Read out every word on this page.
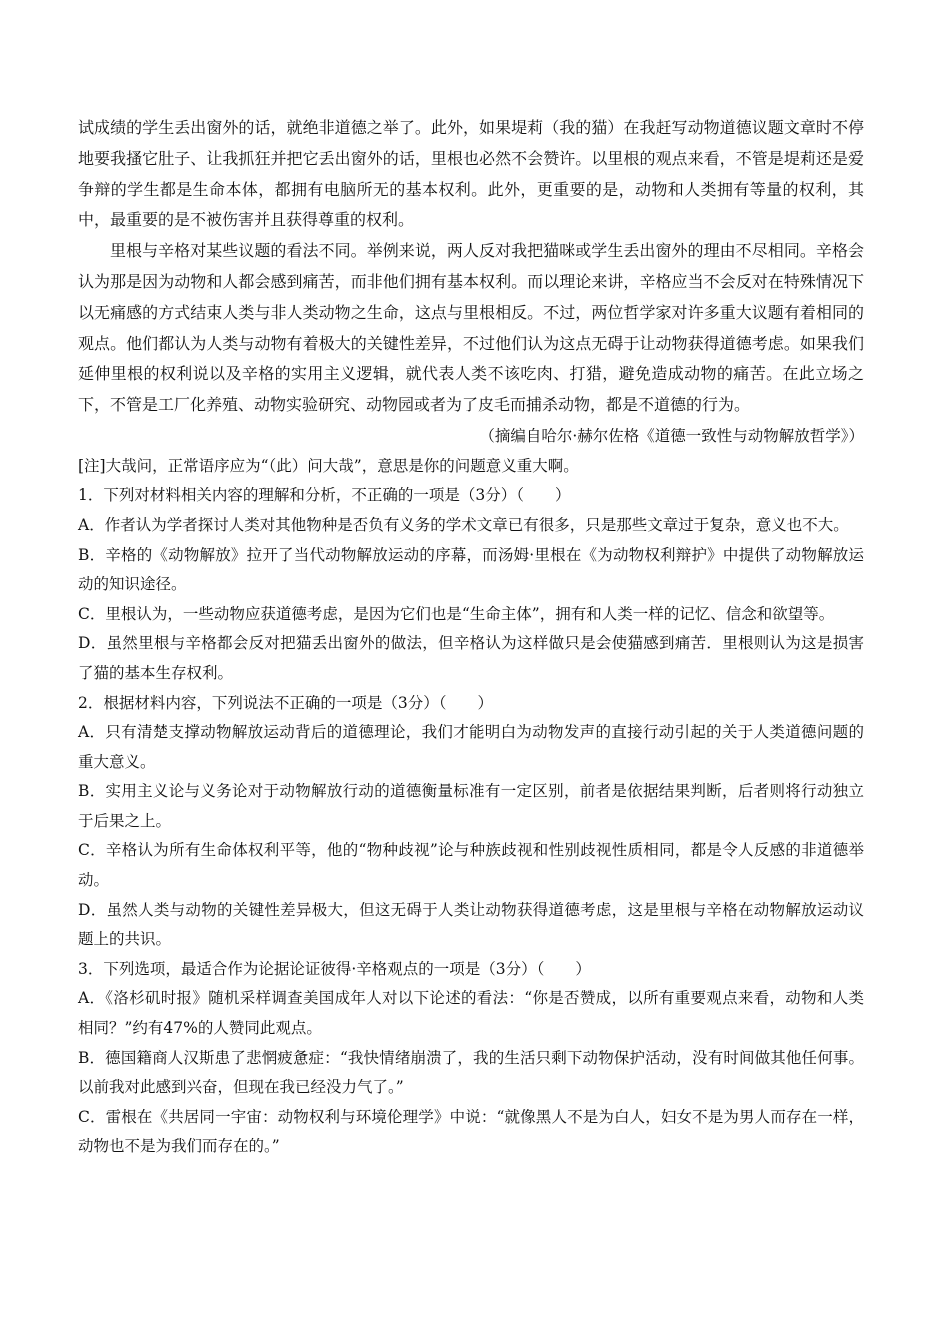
试成绩的学生丢出窗外的话，就绝非道德之举了。此外，如果堤莉（我的猫）在我赶写动物道德议题文章时不停地要我搔它肚子、让我抓狂并把它丢出窗外的话，里根也必然不会赞许。以里根的观点来看，不管是堤莉还是爱争辩的学生都是生命本体，都拥有电脑所无的基本权利。此外，更重要的是，动物和人类拥有等量的权利，其中，最重要的是不被伤害并且获得尊重的权利。

里根与辛格对某些议题的看法不同。举例来说，两人反对我把猫咪或学生丢出窗外的理由不尽相同。辛格会认为那是因为动物和人都会感到痛苦，而非他们拥有基本权利。而以理论来讲，辛格应当不会反对在特殊情况下以无痛感的方式结束人类与非人类动物之生命，这点与里根相反。不过，两位哲学家对许多重大议题有着相同的观点。他们都认为人类与动物有着极大的关键性差异，不过他们认为这点无碍于让动物获得道德考虑。如果我们延伸里根的权利说以及辛格的实用主义逻辑，就代表人类不该吃肉、打猎，避免造成动物的痛苦。在此立场之下，不管是工厂化养殖、动物实验研究、动物园或者为了皮毛而捕杀动物，都是不道德的行为。

（摘编自哈尔·赫尔佐格《道德一致性与动物解放哲学》）

[注]大哉问，正常语序应为“（此）问大哉”，意思是你的问题意义重大啊。

1．下列对材料相关内容的理解和分析，不正确的一项是（3分）（　　）

A．作者认为学者探讨人类对其他物种是否负有义务的学术文章已有很多，只是那些文章过于复杂，意义也不大。

B．辛格的《动物解放》拉开了当代动物解放运动的序幕，而汤姆·里根在《为动物权利辩护》中提供了动物解放运动的知识途径。

C．里根认为，一些动物应获道德考虑，是因为它们也是“生命主体”，拥有和人类一样的记忆、信念和欲望等。

D．虽然里根与辛格都会反对把猫丢出窗外的做法，但辛格认为这样做只是会使猫感到痛苦．里根则认为这是损害了猫的基本生存权利。

2．根据材料内容，下列说法不正确的一项是（3分）（　　）

A．只有清楚支撑动物解放运动背后的道德理论，我们才能明白为动物发声的直接行动引起的关于人类道德问题的重大意义。

B．实用主义论与义务论对于动物解放行动的道德衡量标准有一定区别，前者是依据结果判断，后者则将行动独立于后果之上。

C．辛格认为所有生命体权利平等，他的“物种歧视”论与种族歧视和性别歧视性质相同，都是令人反感的非道德举动。

D．虽然人类与动物的关键性差异极大，但这无碍于人类让动物获得道德考虑，这是里根与辛格在动物解放运动议题上的共识。

3．下列选项，最适合作为论据论证彼得·辛格观点的一项是（3分）（　　）

A．《洛杉矶时报》随机采样调查美国成年人对以下论述的看法：“你是否赞成，以所有重要观点来看，动物和人类相同？”约有47%的人赞同此观点。

B．德国籍商人汉斯患了悲惘疲惫症：“我快情绪崩溃了，我的生活只剩下动物保护活动，没有时间做其他任何事。以前我对此感到兴奋，但现在我已经没力气了。”

C．雷根在《共居同一宇宙：动物权利与环境伦理学》中说：“就像黑人不是为白人，妇女不是为男人而存在一样，动物也不是为我们而存在的。”
